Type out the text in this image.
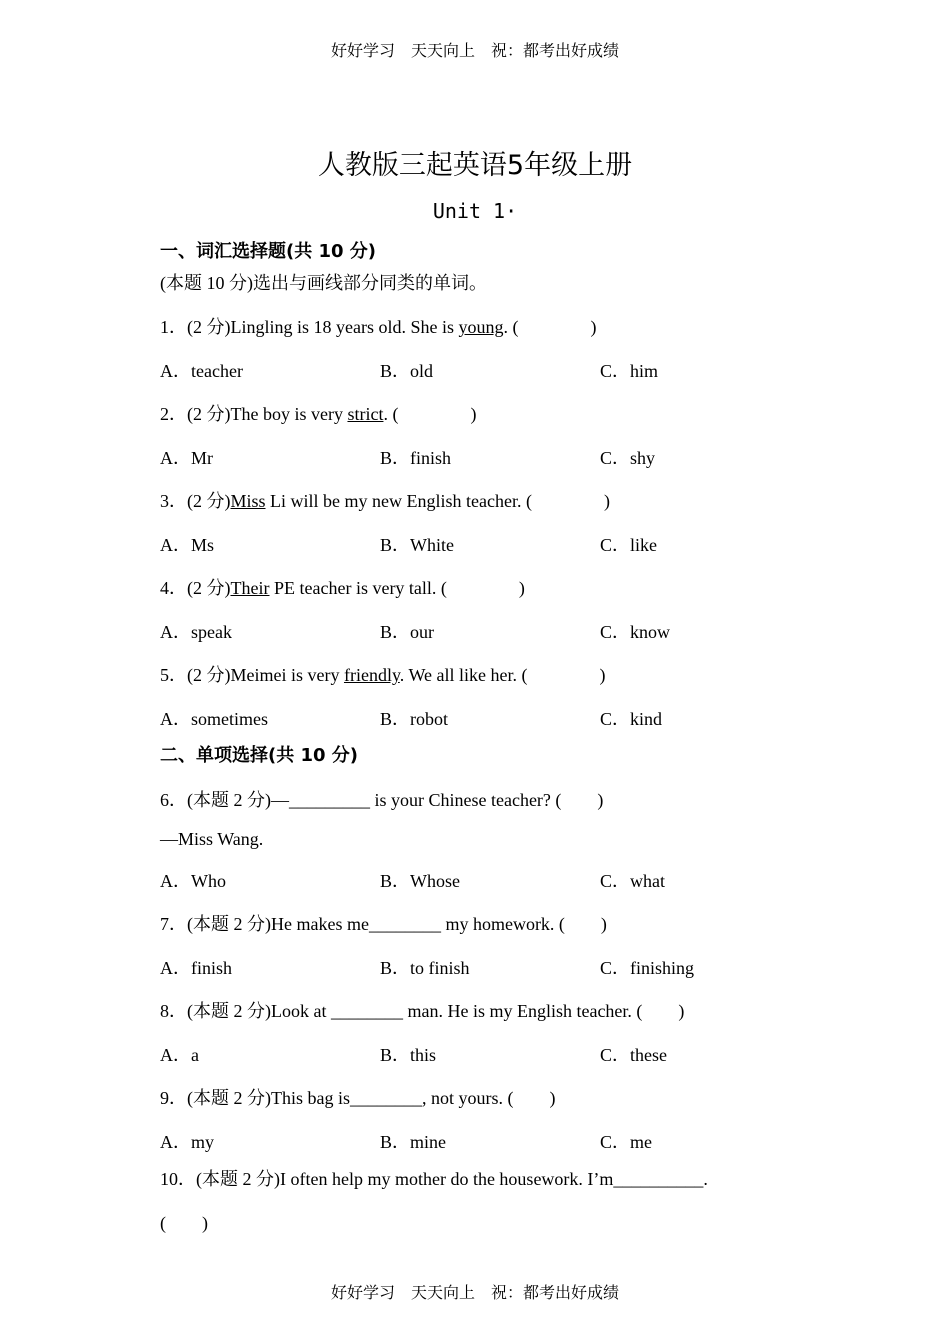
好好学习　天天向上　祝：都考出好成绩
人教版三起英语5年级上册
Unit 1·
一、词汇选择题(共 10 分)
(本题 10 分)选出与画线部分同类的单词。
1．(2 分)Lingling is 18 years old. She is young. (　　　　)
A．teacher	B．old	C．him
2．(2 分)The boy is very strict. (　　　　)
A．Mr	B．finish	C．shy
3．(2 分)Miss Li will be my new English teacher. (　　　　)
A．Ms	B．White	C．like
4．(2 分)Their PE teacher is very tall. (　　　　)
A．speak	B．our	C．know
5．(2 分)Meimei is very friendly. We all like her. (　　　　)
A．sometimes	B．robot	C．kind
二、单项选择(共 10 分)
6．(本题 2 分)—_________ is your Chinese teacher? (　　)
—Miss Wang.
A．Who	B．Whose	C．what
7．(本题 2 分)He makes me________ my homework. (　　)
A．finish	B．to finish	C．finishing
8．(本题 2 分)Look at ________ man. He is my English teacher. (　　)
A．a	B．this	C．these
9．(本题 2 分)This bag is________, not yours. (　　)
A．my	B．mine	C．me
10．(本题 2 分)I often help my mother do the housework. I’m__________.
(　　)
好好学习　天天向上　祝：都考出好成绩
